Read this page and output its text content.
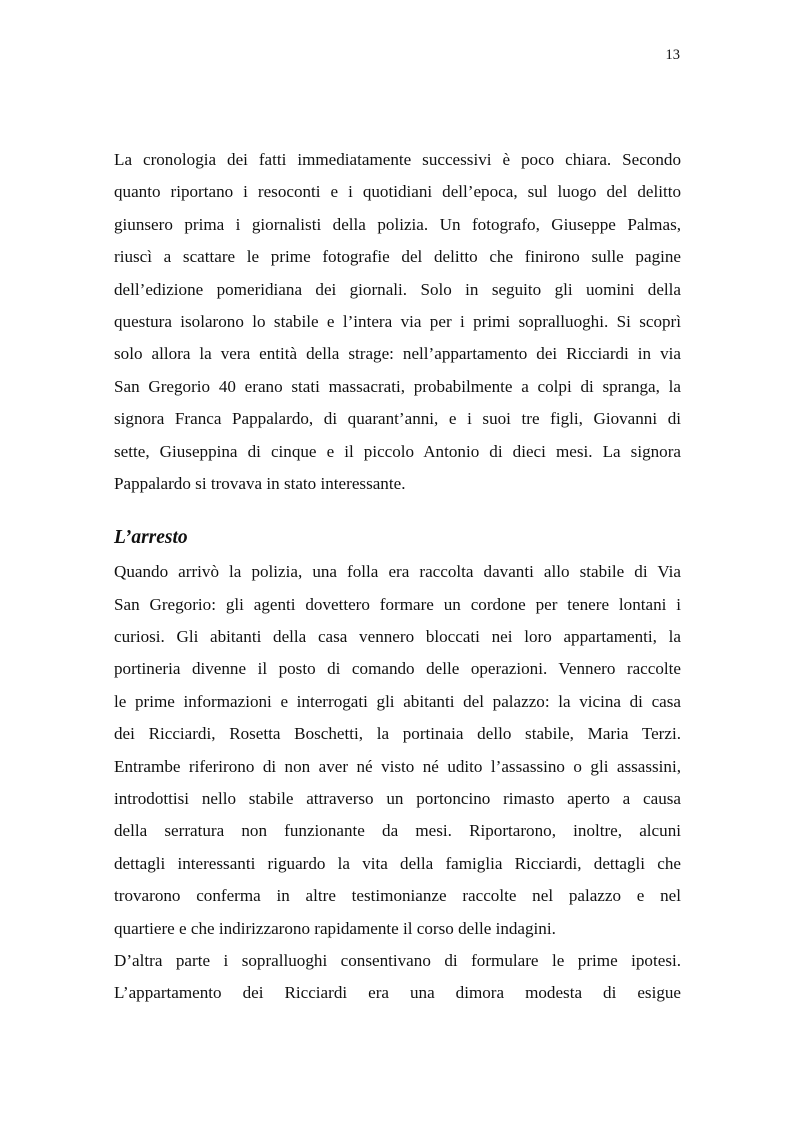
13
La cronologia dei fatti immediatamente successivi è poco chiara. Secondo
quanto riportano i resoconti e i quotidiani dell’epoca, sul luogo del delitto
giunsero prima i giornalisti della polizia. Un fotografo, Giuseppe Palmas,
riuscì a scattare le prime fotografie del delitto che finirono sulle pagine
dell’edizione pomeridiana dei giornali. Solo in seguito gli uomini della
questura isolarono lo stabile e l’intera via per i primi sopralluoghi. Si scoprì
solo allora la vera entità della strage: nell’appartamento dei Ricciardi in via
San Gregorio 40 erano stati massacrati, probabilmente a colpi di spranga, la
signora Franca Pappalardo, di quarant’anni, e i suoi tre figli, Giovanni di
sette, Giuseppina di cinque e il piccolo Antonio di dieci mesi. La signora
Pappalardo si trovava in stato interessante.
L’arresto
Quando arrivò la polizia, una folla era raccolta davanti allo stabile di Via
San Gregorio: gli agenti dovettero formare un cordone per tenere lontani i
curiosi. Gli abitanti della casa vennero bloccati nei loro appartamenti, la
portineria divenne il posto di comando delle operazioni. Vennero raccolte
le prime informazioni e interrogati gli abitanti del palazzo: la vicina di casa
dei Ricciardi, Rosetta Boschetti, la portinaia dello stabile, Maria Terzi.
Entrambe riferirono di non aver né visto né udito l’assassino o gli assassini,
introdottisi nello stabile attraverso un portoncino rimasto aperto a causa
della serratura non funzionante da mesi. Riportarono, inoltre, alcuni
dettagli interessanti riguardo la vita della famiglia Ricciardi, dettagli che
trovarono conferma in altre testimonianze raccolte nel palazzo e nel
quartiere e che indirizzarono rapidamente il corso delle indagini.
D’altra parte i sopralluoghi consentivano di formulare le prime ipotesi.
L’appartamento dei Ricciardi era una dimora modesta di esigue
